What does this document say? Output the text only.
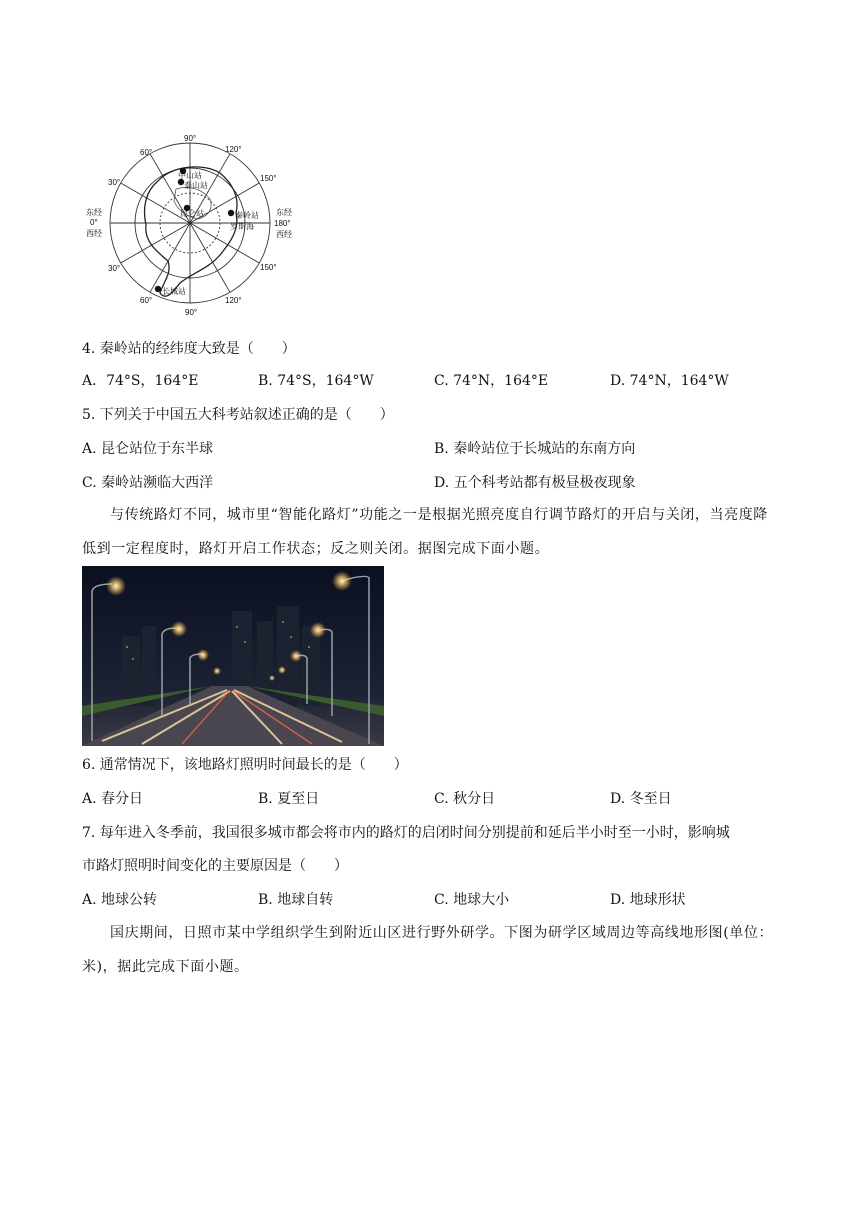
90°
90°
60°	120°
30°	150°
30°	150°
60°	120°
东经
0°
西经
东经
180°
西经
中山站
泰山站
昆仑站	秦岭站
罗斯海
长城站
4. 秦岭站的经纬度大致是（　　）
A．74°S，164°E	B. 74°S，164°W	C. 74°N，164°E	D. 74°N，164°W
5. 下列关于中国五大科考站叙述正确的是（　　）
A. 昆仑站位于东半球	B. 秦岭站位于长城站的东南方向
C. 秦岭站濒临大西洋	D. 五个科考站都有极昼极夜现象
与传统路灯不同，城市里“智能化路灯”功能之一是根据光照亮度自行调节路灯的开启与关闭，当亮度降低到一定程度时，路灯开启工作状态；反之则关闭。据图完成下面小题。
6. 通常情况下，该地路灯照明时间最长的是（　　）
A. 春分日	B. 夏至日	C. 秋分日	D. 冬至日
7. 每年进入冬季前，我国很多城市都会将市内的路灯的启闭时间分别提前和延后半小时至一小时，影响城
市路灯照明时间变化的主要原因是（　　）
A. 地球公转	B. 地球自转	C. 地球大小	D. 地球形状
国庆期间，日照市某中学组织学生到附近山区进行野外研学。下图为研学区域周边等高线地形图(单位：米)，据此完成下面小题。
